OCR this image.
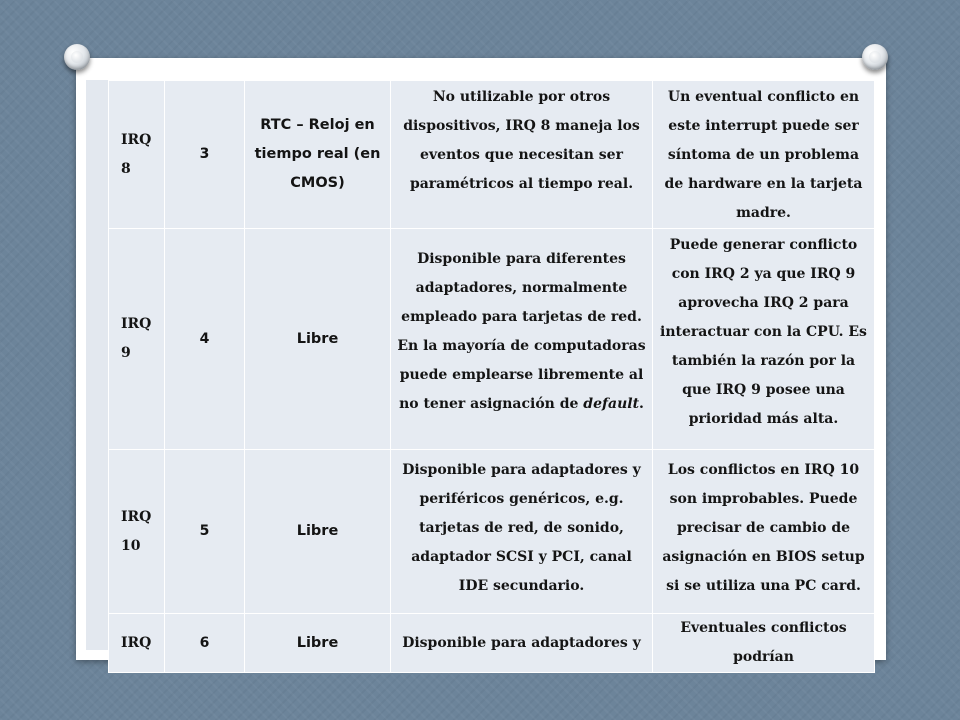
IRQ 8	3	RTC – Reloj en tiempo real (en CMOS)	No utilizable por otros dispositivos, IRQ 8 maneja los eventos que necesitan ser paramétricos al tiempo real.	Un eventual conflicto en este interrupt puede ser síntoma de un problema de hardware en la tarjeta madre.
IRQ 9	4	Libre	Disponible para diferentes adaptadores, normalmente empleado para tarjetas de red. En la mayoría de computadoras puede emplearse libremente al no tener asignación de default.	Puede generar conflicto con IRQ 2 ya que IRQ 9 aprovecha IRQ 2 para interactuar con la CPU. Es también la razón por la que IRQ 9 posee una prioridad más alta.
IRQ 10	5	Libre	Disponible para adaptadores y periféricos genéricos, e.g. tarjetas de red, de sonido, adaptador SCSI y PCI, canal IDE secundario.	Los conflictos en IRQ 10 son improbables. Puede precisar de cambio de asignación en BIOS setup si se utiliza una PC card.
IRQ	6	Libre	Disponible para adaptadores y	Eventuales conflictos podrían
